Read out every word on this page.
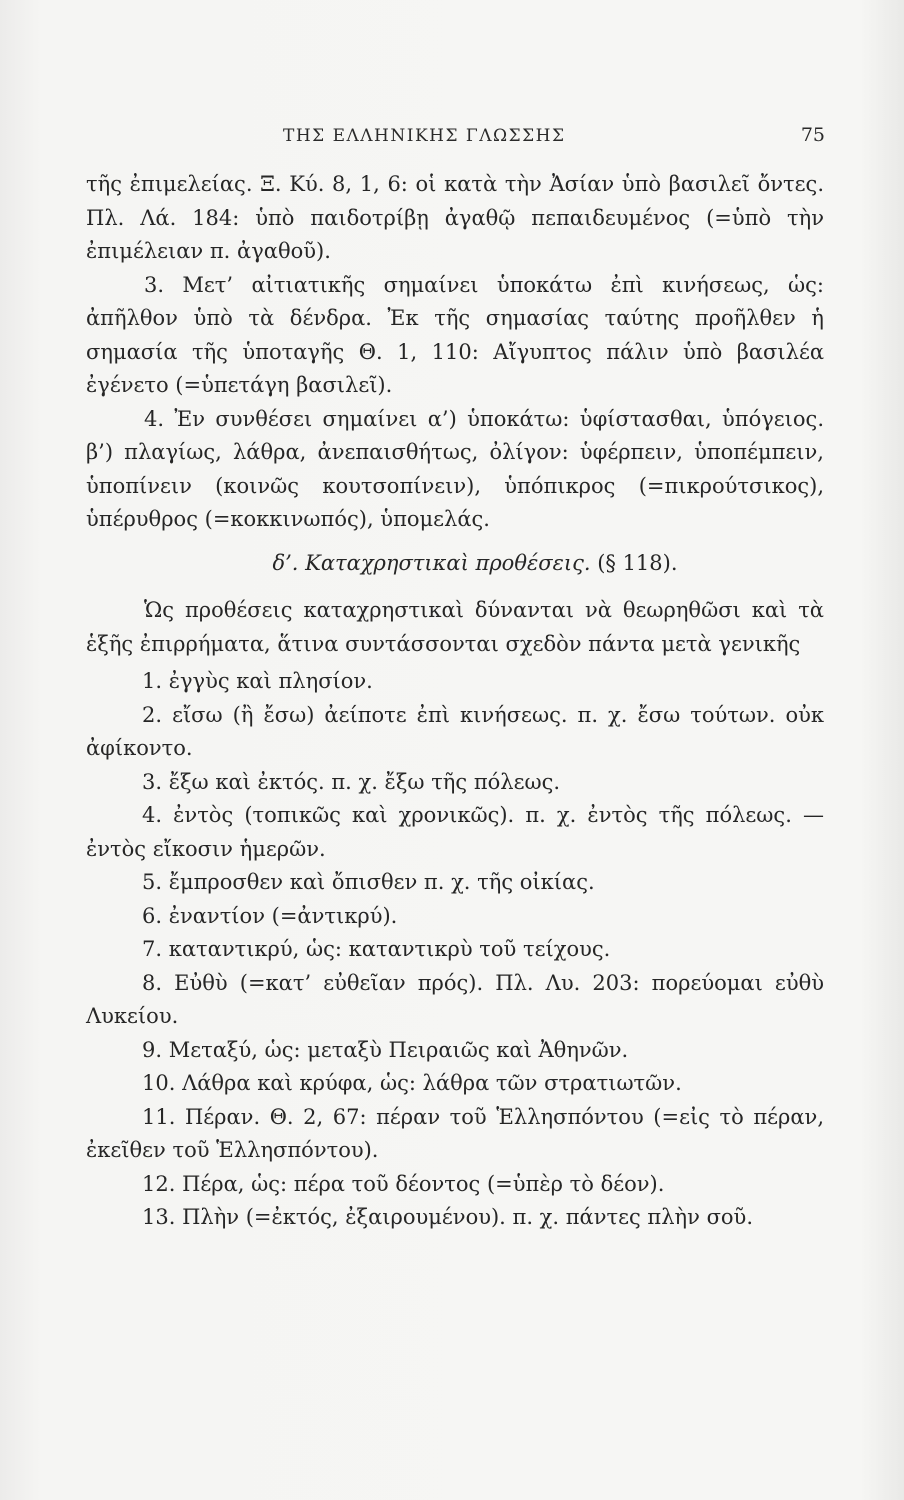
ΤΗΣ ΕΛΛΗΝΙΚΗΣ ΓΛΩΣΣΗΣ	75

τῆς ἐπιμελείας. Ξ. Κύ. 8, 1, 6: οἱ κατὰ τὴν Ἀσίαν ὑπὸ βασιλεῖ ὄντες. Πλ. Λά. 184: ὑπὸ παιδοτρίβῃ ἀγαθῷ πεπαιδευμένος (=ὑπὸ τὴν ἐπιμέλειαν π. ἀγαθοῦ).

3. Μετ’ αἰτιατικῆς σημαίνει ὑποκάτω ἐπὶ κινήσεως, ὡς: ἀπῆλθον ὑπὸ τὰ δένδρα. Ἐκ τῆς σημασίας ταύτης προῆλθεν ἡ σημασία τῆς ὑποταγῆς Θ. 1, 110: Αἴγυπτος πάλιν ὑπὸ βασιλέα ἐγένετο (=ὑπετάγη βασιλεῖ).

4. Ἐν συνθέσει σημαίνει α’) ὑποκάτω: ὑφίστασθαι, ὑπόγειος. β’) πλαγίως, λάθρα, ἀνεπαισθήτως, ὀλίγον: ὑφέρπειν, ὑποπέμπειν, ὑποπίνειν (κοινῶς κουτσοπίνειν), ὑπόπικρος (=πικρούτσικος), ὑπέρυθρος (=κοκκινωπός), ὑπομελάς.

δ’. Καταχρηστικαὶ προθέσεις. (§ 118).

Ὡς προθέσεις καταχρηστικαὶ δύνανται νὰ θεωρηθῶσι καὶ τὰ ἑξῆς ἐπιρρήματα, ἅτινα συντάσσονται σχεδὸν πάντα μετὰ γενικῆς

1. ἐγγὺς καὶ πλησίον.

2. εἴσω (ἢ ἔσω) ἀείποτε ἐπὶ κινήσεως. π. χ. ἔσω τούτων. οὐκ ἀφίκοντο.

3. ἔξω καὶ ἐκτός. π. χ. ἔξω τῆς πόλεως.

4. ἐντὸς (τοπικῶς καὶ χρονικῶς). π. χ. ἐντὸς τῆς πόλεως. —ἐντὸς εἴκοσιν ἡμερῶν.

5. ἔμπροσθεν καὶ ὄπισθεν π. χ. τῆς οἰκίας.

6. ἐναντίον (=ἀντικρύ).

7. καταντικρύ, ὡς: καταντικρὺ τοῦ τείχους.

8. Εὐθὺ (=κατ’ εὐθεῖαν πρός). Πλ. Λυ. 203: πορεύομαι εὐθὺ Λυκείου.

9. Μεταξύ, ὡς: μεταξὺ Πειραιῶς καὶ Ἀθηνῶν.

10. Λάθρα καὶ κρύφα, ὡς: λάθρα τῶν στρατιωτῶν.

11. Πέραν. Θ. 2, 67: πέραν τοῦ Ἑλλησπόντου (=εἰς τὸ πέραν, ἐκεῖθεν τοῦ Ἑλλησπόντου).

12. Πέρα, ὡς: πέρα τοῦ δέοντος (=ὑπὲρ τὸ δέον).

13. Πλὴν (=ἐκτός, ἐξαιρουμένου). π. χ. πάντες πλὴν σοῦ.
